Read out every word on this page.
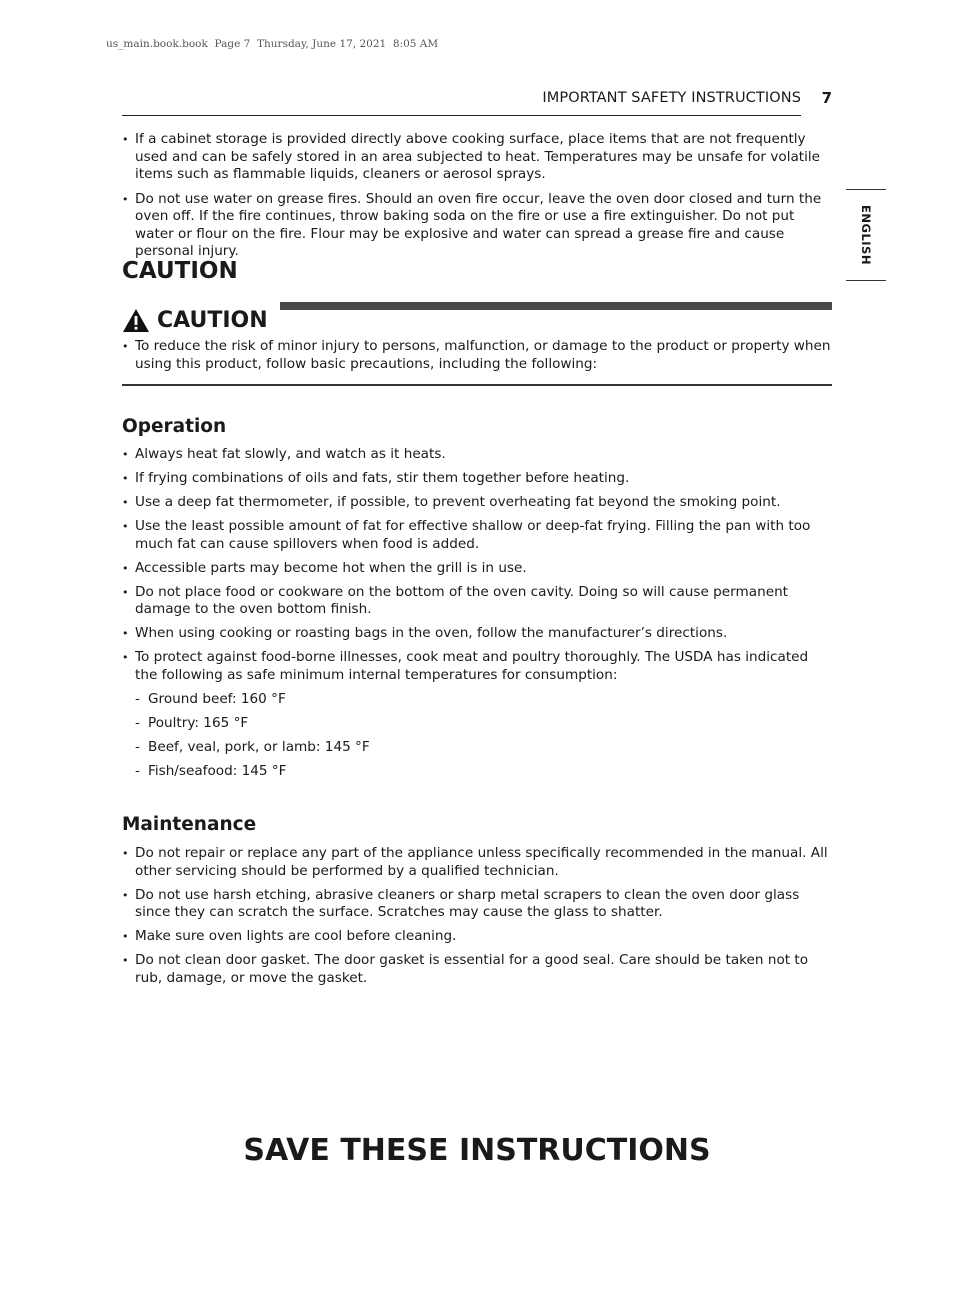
us_main.book.book  Page 7  Thursday, June 17, 2021  8:05 AM
IMPORTANT SAFETY INSTRUCTIONS 7
ENGLISH
• If a cabinet storage is provided directly above cooking surface, place items that are not frequently used and can be safely stored in an area subjected to heat. Temperatures may be unsafe for volatile items such as flammable liquids, cleaners or aerosol sprays.
• Do not use water on grease fires. Should an oven fire occur, leave the oven door closed and turn the oven off. If the fire continues, throw baking soda on the fire or use a fire extinguisher. Do not put water or flour on the fire. Flour may be explosive and water can spread a grease fire and cause personal injury.
CAUTION
CAUTION
• To reduce the risk of minor injury to persons, malfunction, or damage to the product or property when using this product, follow basic precautions, including the following:
Operation
• Always heat fat slowly, and watch as it heats.
• If frying combinations of oils and fats, stir them together before heating.
• Use a deep fat thermometer, if possible, to prevent overheating fat beyond the smoking point.
• Use the least possible amount of fat for effective shallow or deep-fat frying. Filling the pan with too much fat can cause spillovers when food is added.
• Accessible parts may become hot when the grill is in use.
• Do not place food or cookware on the bottom of the oven cavity. Doing so will cause permanent damage to the oven bottom finish.
• When using cooking or roasting bags in the oven, follow the manufacturer’s directions.
• To protect against food-borne illnesses, cook meat and poultry thoroughly. The USDA has indicated the following as safe minimum internal temperatures for consumption:
- Ground beef: 160 °F
- Poultry: 165 °F
- Beef, veal, pork, or lamb: 145 °F
- Fish/seafood: 145 °F
Maintenance
• Do not repair or replace any part of the appliance unless specifically recommended in the manual. All other servicing should be performed by a qualified technician.
• Do not use harsh etching, abrasive cleaners or sharp metal scrapers to clean the oven door glass since they can scratch the surface. Scratches may cause the glass to shatter.
• Make sure oven lights are cool before cleaning.
• Do not clean door gasket. The door gasket is essential for a good seal. Care should be taken not to rub, damage, or move the gasket.
SAVE THESE INSTRUCTIONS
